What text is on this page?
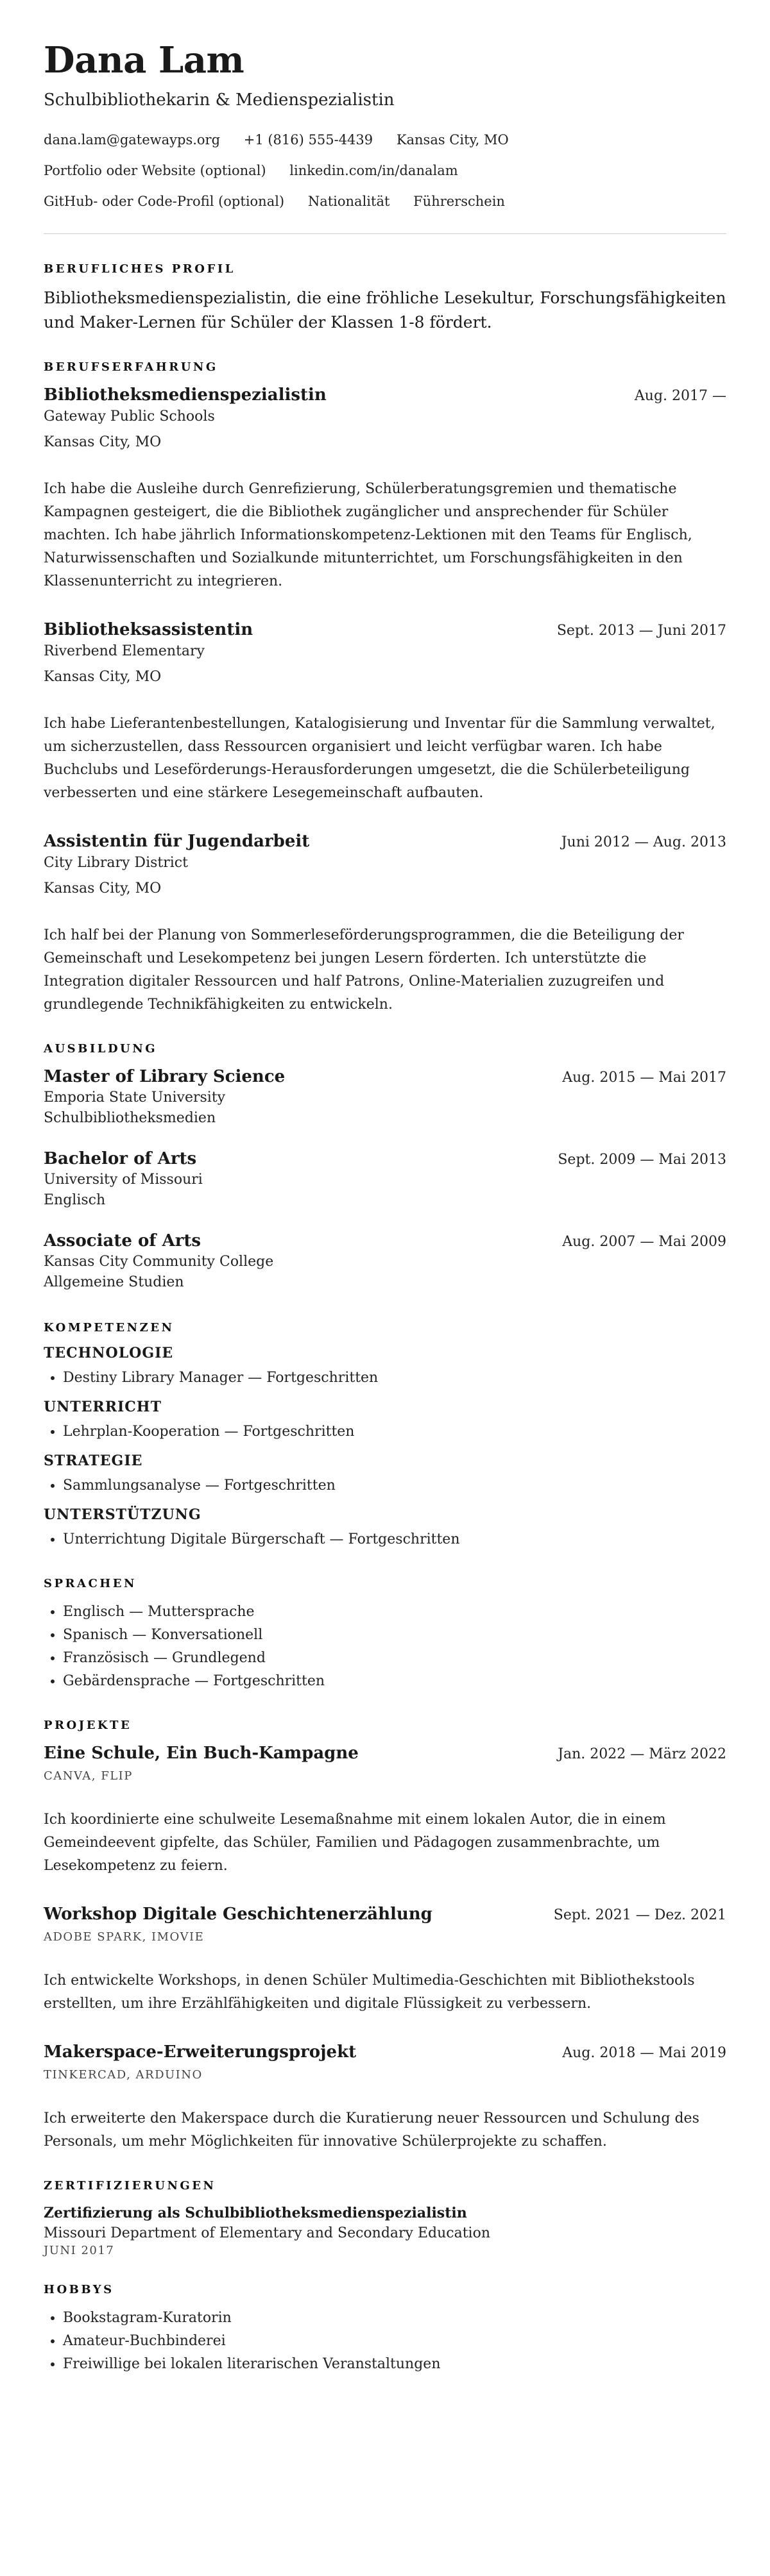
Dana Lam
Schulbibliothekarin & Medienspezialistin
dana.lam@gatewayps.org +1 (816) 555-4439 Kansas City, MO
Portfolio oder Website (optional) linkedin.com/in/danalam
GitHub- oder Code-Profil (optional) Nationalität Führerschein
BERUFLICHES PROFIL
Bibliotheksmedienspezialistin, die eine fröhliche Lesekultur, Forschungsfähigkeiten und Maker-Lernen für Schüler der Klassen 1-8 fördert.
BERUFSERFAHRUNG
Bibliotheksmedienspezialistin	Aug. 2017 —
Gateway Public Schools
Kansas City, MO
Ich habe die Ausleihe durch Genrefizierung, Schülerberatungsgremien und thematische Kampagnen gesteigert, die die Bibliothek zugänglicher und ansprechender für Schüler machten. Ich habe jährlich Informationskompetenz-Lektionen mit den Teams für Englisch, Naturwissenschaften und Sozialkunde mitunterrichtet, um Forschungsfähigkeiten in den Klassenunterricht zu integrieren.
Bibliotheksassistentin	Sept. 2013 — Juni 2017
Riverbend Elementary
Kansas City, MO
Ich habe Lieferantenbestellungen, Katalogisierung und Inventar für die Sammlung verwaltet, um sicherzustellen, dass Ressourcen organisiert und leicht verfügbar waren. Ich habe Buchclubs und Leseförderungs-Herausforderungen umgesetzt, die die Schülerbeteiligung verbesserten und eine stärkere Lesegemeinschaft aufbauten.
Assistentin für Jugendarbeit	Juni 2012 — Aug. 2013
City Library District
Kansas City, MO
Ich half bei der Planung von Sommerleseförderungsprogrammen, die die Beteiligung der Gemeinschaft und Lesekompetenz bei jungen Lesern förderten. Ich unterstützte die Integration digitaler Ressourcen und half Patrons, Online-Materialien zuzugreifen und grundlegende Technikfähigkeiten zu entwickeln.
AUSBILDUNG
Master of Library Science	Aug. 2015 — Mai 2017
Emporia State University
Schulbibliotheksmedien
Bachelor of Arts	Sept. 2009 — Mai 2013
University of Missouri
Englisch
Associate of Arts	Aug. 2007 — Mai 2009
Kansas City Community College
Allgemeine Studien
KOMPETENZEN
TECHNOLOGIE
• Destiny Library Manager — Fortgeschritten
UNTERRICHT
• Lehrplan-Kooperation — Fortgeschritten
STRATEGIE
• Sammlungsanalyse — Fortgeschritten
UNTERSTÜTZUNG
• Unterrichtung Digitale Bürgerschaft — Fortgeschritten
SPRACHEN
• Englisch — Muttersprache
• Spanisch — Konversationell
• Französisch — Grundlegend
• Gebärdensprache — Fortgeschritten
PROJEKTE
Eine Schule, Ein Buch-Kampagne	Jan. 2022 — März 2022
CANVA, FLIP
Ich koordinierte eine schulweite Lesemaßnahme mit einem lokalen Autor, die in einem Gemeindeevent gipfelte, das Schüler, Familien und Pädagogen zusammenbrachte, um Lesekompetenz zu feiern.
Workshop Digitale Geschichtenerzählung	Sept. 2021 — Dez. 2021
ADOBE SPARK, IMOVIE
Ich entwickelte Workshops, in denen Schüler Multimedia-Geschichten mit Bibliothekstools erstellten, um ihre Erzählfähigkeiten und digitale Flüssigkeit zu verbessern.
Makerspace-Erweiterungsprojekt	Aug. 2018 — Mai 2019
TINKERCAD, ARDUINO
Ich erweiterte den Makerspace durch die Kuratierung neuer Ressourcen und Schulung des Personals, um mehr Möglichkeiten für innovative Schülerprojekte zu schaffen.
ZERTIFIZIERUNGEN
Zertifizierung als Schulbibliotheksmedienspezialistin
Missouri Department of Elementary and Secondary Education
JUNI 2017
HOBBYS
• Bookstagram-Kuratorin
• Amateur-Buchbinderei
• Freiwillige bei lokalen literarischen Veranstaltungen
